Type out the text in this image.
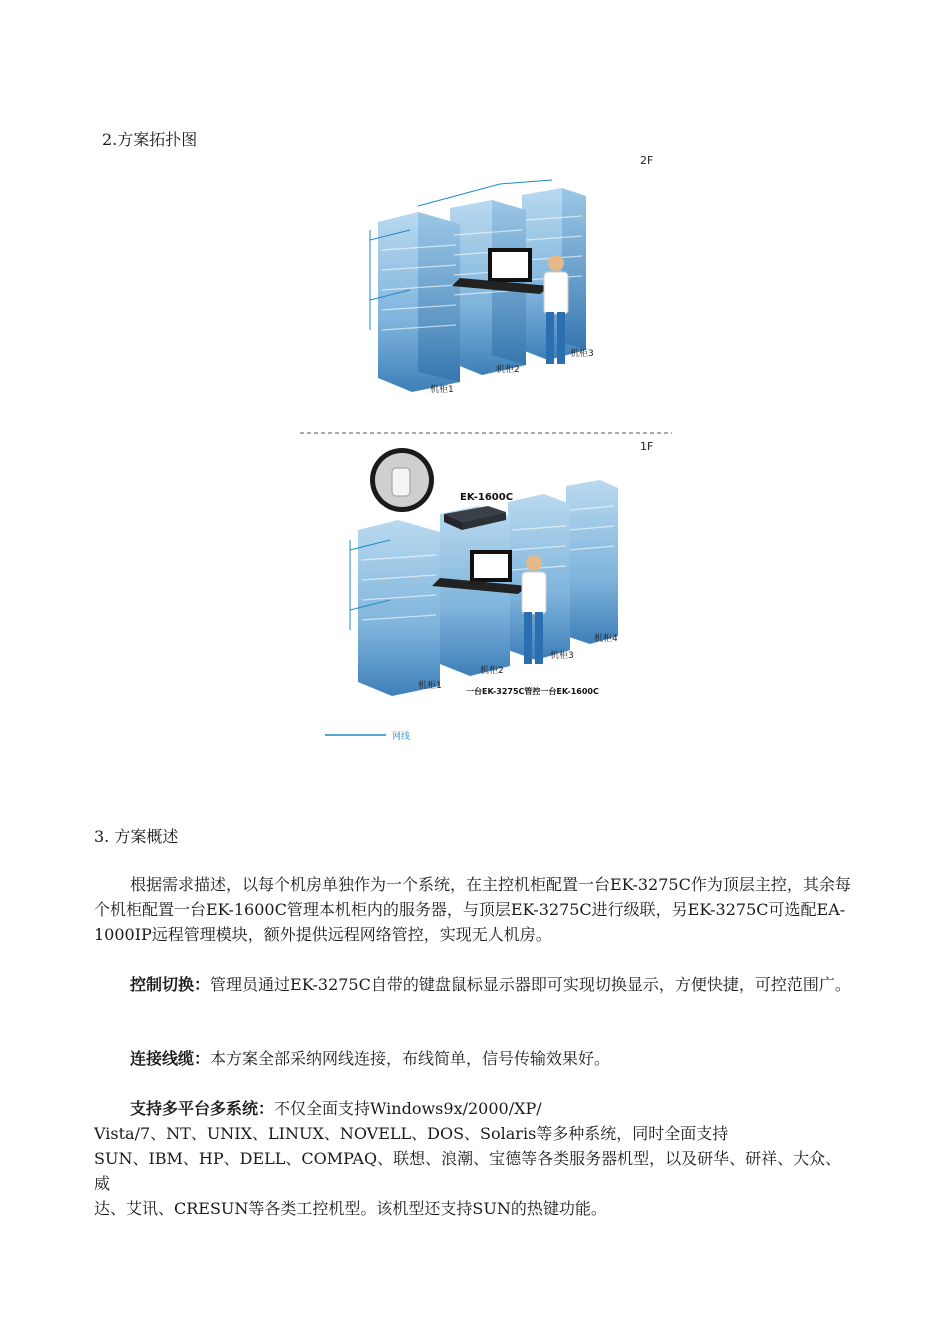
2.方案拓扑图
2F
机柜1
机柜2
机柜3
1F
EK-1600C
机柜1
机柜2
机柜3
机柜4
一台EK-3275C管控一台EK-1600C
网线
3. 方案概述
根据需求描述，以每个机房单独作为一个系统，在主控机柜配置一台EK-3275C作为顶层主控，其余每个机柜配置一台EK-1600C管理本机柜内的服务器，与顶层EK-3275C进行级联，另EK-3275C可选配EA-1000IP远程管理模块，额外提供远程网络管控，实现无人机房。
控制切换：管理员通过EK-3275C自带的键盘鼠标显示器即可实现切换显示，方便快捷，可控范围广。
连接线缆：本方案全部采纳网线连接，布线简单，信号传输效果好。
支持多平台多系统：不仅全面支持Windows9x/2000/XP/
Vista/7、NT、UNIX、LINUX、NOVELL、DOS、Solaris等多种系统，同时全面支持
SUN、IBM、HP、DELL、COMPAQ、联想、浪潮、宝德等各类服务器机型，以及研华、研祥、大众、威
达、艾讯、CRESUN等各类工控机型。该机型还支持SUN的热键功能。
